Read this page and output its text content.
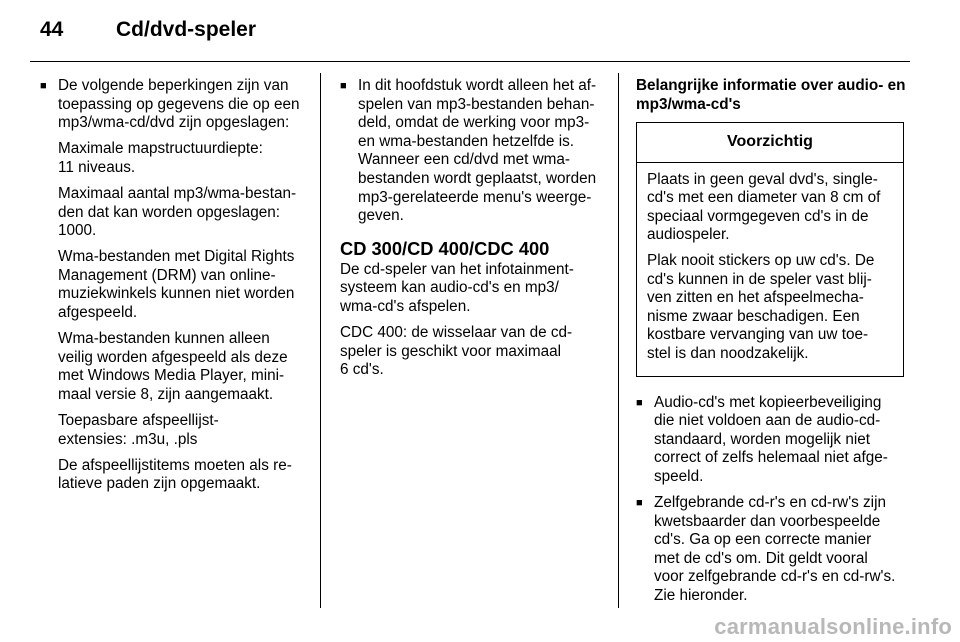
44	Cd/dvd-speler

■ De volgende beperkingen zijn van
toepassing op gegevens die op een
mp3/wma-cd/dvd zijn opgeslagen:

Maximale mapstructuurdiepte:
11 niveaus.

Maximaal aantal mp3/wma-bestan-
den dat kan worden opgeslagen:
1000.

Wma-bestanden met Digital Rights
Management (DRM) van online-
muziekwinkels kunnen niet worden
afgespeeld.

Wma-bestanden kunnen alleen
veilig worden afgespeeld als deze
met Windows Media Player, mini-
maal versie 8, zijn aangemaakt.

Toepasbare afspeellijst-
extensies: .m3u, .pls

De afspeellijstitems moeten als re-
latieve paden zijn opgemaakt.

■ In dit hoofdstuk wordt alleen het af-
spelen van mp3-bestanden behan-
deld, omdat de werking voor mp3-
en wma-bestanden hetzelfde is.
Wanneer een cd/dvd met wma-
bestanden wordt geplaatst, worden
mp3-gerelateerde menu's weerge-
geven.

CD 300/CD 400/CDC 400

De cd-speler van het infotainment-
systeem kan audio-cd's en mp3/
wma-cd's afspelen.

CDC 400: de wisselaar van de cd-
speler is geschikt voor maximaal
6 cd's.

Belangrijke informatie over audio- en
mp3/wma-cd's

Voorzichtig

Plaats in geen geval dvd's, single-
cd's met een diameter van 8 cm of
speciaal vormgegeven cd's in de
audiospeler.

Plak nooit stickers op uw cd's. De
cd's kunnen in de speler vast blij-
ven zitten en het afspeelmecha-
nisme zwaar beschadigen. Een
kostbare vervanging van uw toe-
stel is dan noodzakelijk.

■ Audio-cd's met kopieerbeveiliging
die niet voldoen aan de audio-cd-
standaard, worden mogelijk niet
correct of zelfs helemaal niet afge-
speeld.

■ Zelfgebrande cd-r's en cd-rw's zijn
kwetsbaarder dan voorbespeelde
cd's. Ga op een correcte manier
met de cd's om. Dit geldt vooral
voor zelfgebrande cd-r's en cd-rw's.
Zie hieronder.

carmanualsonline.info
